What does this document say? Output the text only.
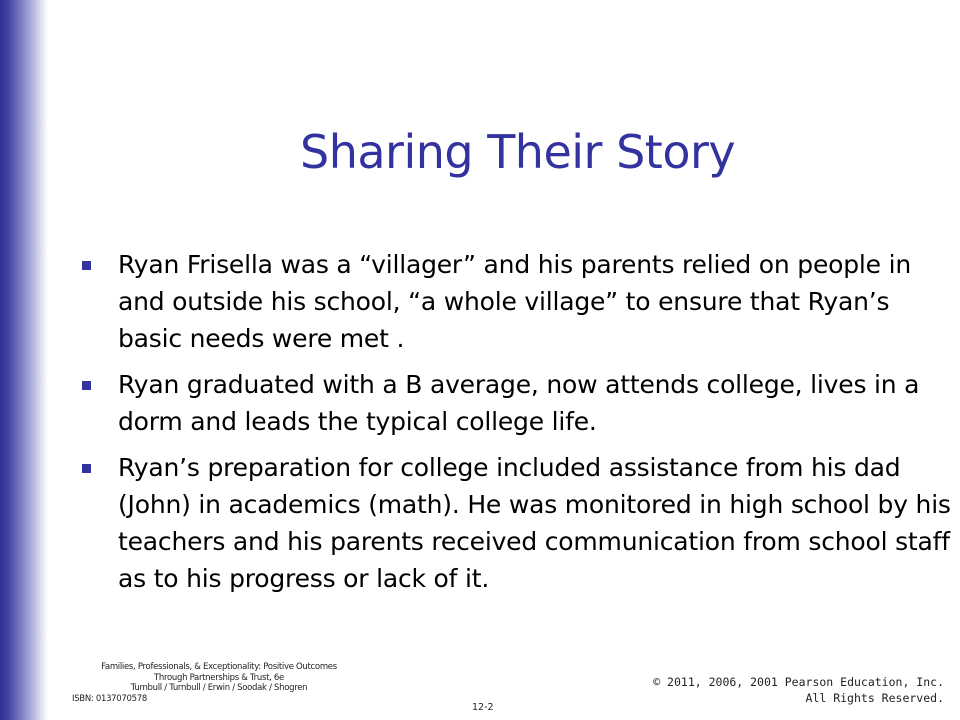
Sharing Their Story
Ryan Frisella was a “villager” and his parents relied on people in and outside his school, “a whole village” to ensure that Ryan’s basic needs were met .
Ryan graduated with a B average, now attends college, lives in a dorm and leads the typical college life.
Ryan’s preparation for college included assistance from his dad (John) in academics (math). He was monitored in high school by his teachers and his parents received communication from school staff as to his progress or lack of it.
Families, Professionals, & Exceptionality: Positive Outcomes
Through Partnerships & Trust, 6e
Turnbull / Turnbull / Erwin / Soodak / Shogren
ISBN: 0137070578
12-2
© 2011, 2006, 2001 Pearson Education, Inc.
All Rights Reserved.
